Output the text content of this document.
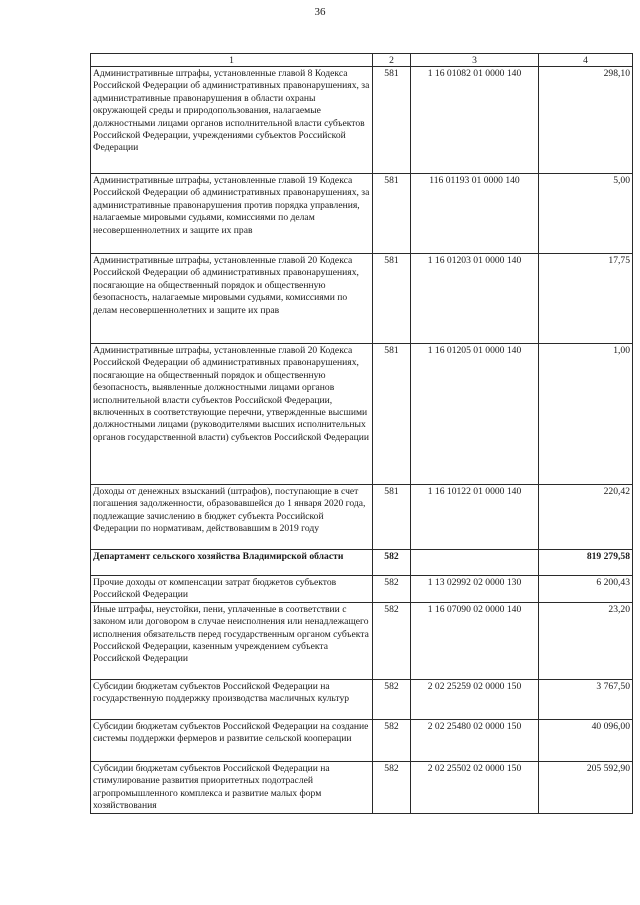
36
1	2	3	4
Административные штрафы, установленные главой 8 Кодекса Российской Федерации об административных правонарушениях, за административные правонарушения в области охраны окружающей среды и природопользования, налагаемые должностными лицами органов исполнительной власти субъектов Российской Федерации, учреждениями субъектов Российской Федерации	581	1 16 01082 01 0000 140	298,10
Административные штрафы, установленные главой 19 Кодекса Российской Федерации об административных правонарушениях, за административные правонарушения против порядка управления, налагаемые мировыми судьями, комиссиями по делам несовершеннолетних и защите их прав	581	116 01193 01 0000 140	5,00
Административные штрафы, установленные главой 20 Кодекса Российской Федерации об административных правонарушениях, посягающие на общественный порядок и общественную безопасность, налагаемые мировыми судьями, комиссиями по делам несовершеннолетних и защите их прав	581	1 16 01203 01 0000 140	17,75
Административные штрафы, установленные главой 20 Кодекса Российской Федерации об административных правонарушениях, посягающие на общественный порядок и общественную безопасность, выявленные должностными лицами органов исполнительной власти субъектов Российской Федерации, включенных в соответствующие перечни, утвержденные высшими должностными лицами (руководителями высших исполнительных органов государственной власти) субъектов Российской Федерации	581	1 16 01205 01 0000 140	1,00
Доходы от денежных взысканий (штрафов), поступающие в счет погашения задолженности, образовавшейся до 1 января 2020 года, подлежащие зачислению в бюджет субъекта Российской Федерации по нормативам, действовавшим в 2019 году	581	1 16 10122 01 0000 140	220,42
Департамент сельского хозяйства Владимирской области	582		819 279,58
Прочие доходы от компенсации затрат бюджетов субъектов Российской Федерации	582	1 13 02992 02 0000 130	6 200,43
Иные штрафы, неустойки, пени, уплаченные в соответствии с законом или договором в случае неисполнения или ненадлежащего исполнения обязательств перед государственным органом субъекта Российской Федерации, казенным учреждением субъекта Российской Федерации	582	1 16 07090 02 0000 140	23,20
Субсидии бюджетам субъектов Российской Федерации на государственную поддержку производства масличных культур	582	2 02 25259 02 0000 150	3 767,50
Субсидии бюджетам субъектов Российской Федерации на создание системы поддержки фермеров и развитие сельской кооперации	582	2 02 25480 02 0000 150	40 096,00
Субсидии бюджетам субъектов Российской Федерации на стимулирование развития приоритетных подотраслей агропромышленного комплекса и развитие малых форм хозяйствования	582	2 02 25502 02 0000 150	205 592,90
